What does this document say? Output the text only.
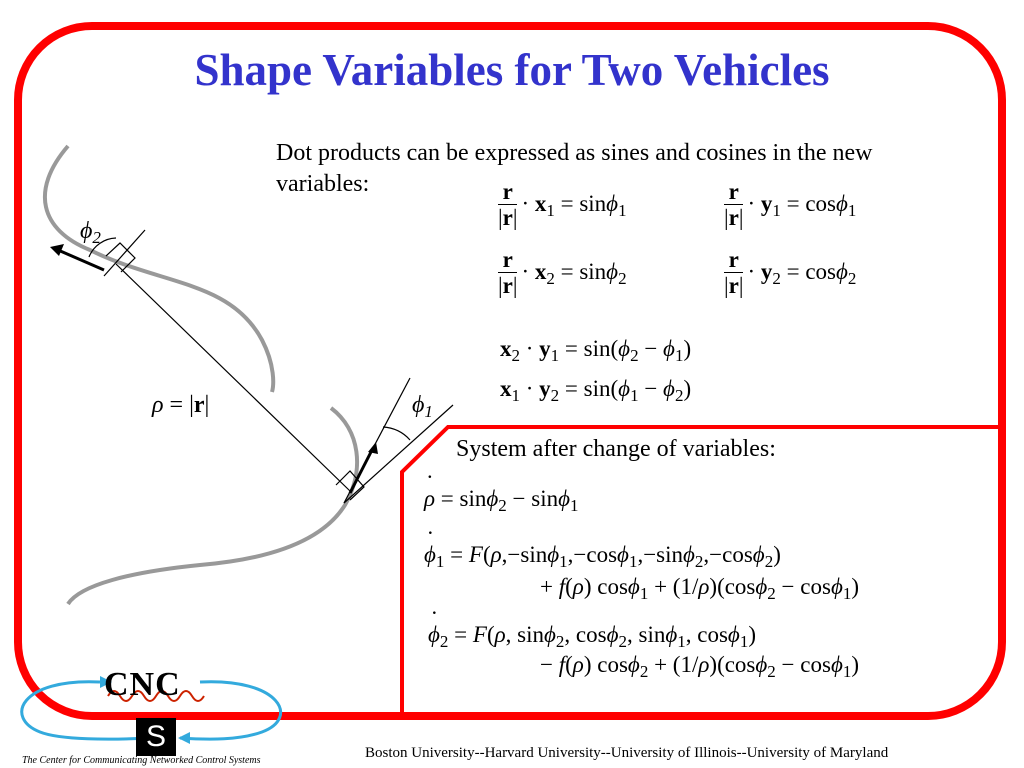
Shape Variables for Two Vehicles
Dot products can be expressed as sines and cosines in the new variables:
ρ = |r|
$\phi_2$
$\phi_1$
$\frac{r}{|r|} \cdot x_1 = \sin\phi_1$	$\frac{r}{|r|} \cdot y_1 = \cos\phi_1$
$\frac{r}{|r|} \cdot x_2 = \sin\phi_2$	$\frac{r}{|r|} \cdot y_2 = \cos\phi_2$
$x_2 \cdot y_1 = \sin(\phi_2 - \phi_1)$
$x_1 \cdot y_2 = \sin(\phi_1 - \phi_2)$
System after change of variables:
ρ · = sinϕ$_2$ − sinϕ$_1$
$\phi \cdot_1 = F(\rho,-\sin\phi_1,-\cos\phi_1,-\sin\phi_2,-\cos\phi_2)$
+ f(ρ) cosϕ$_1$ + (1/ρ)(cosϕ$_2$ − cosϕ$_1$)
$\phi \cdot_2 = F(\rho$, sinϕ$_2$, cosϕ$_2$, sinϕ$_1$, cosϕ$_1$)
− f(ρ) cosϕ$_2$ + (1/ρ)(cosϕ$_2$ − cosϕ$_1$)
CNC
S
The Center for Communicating Networked Control Systems	Boston University--Harvard University--University of Illinois--University of Maryland
